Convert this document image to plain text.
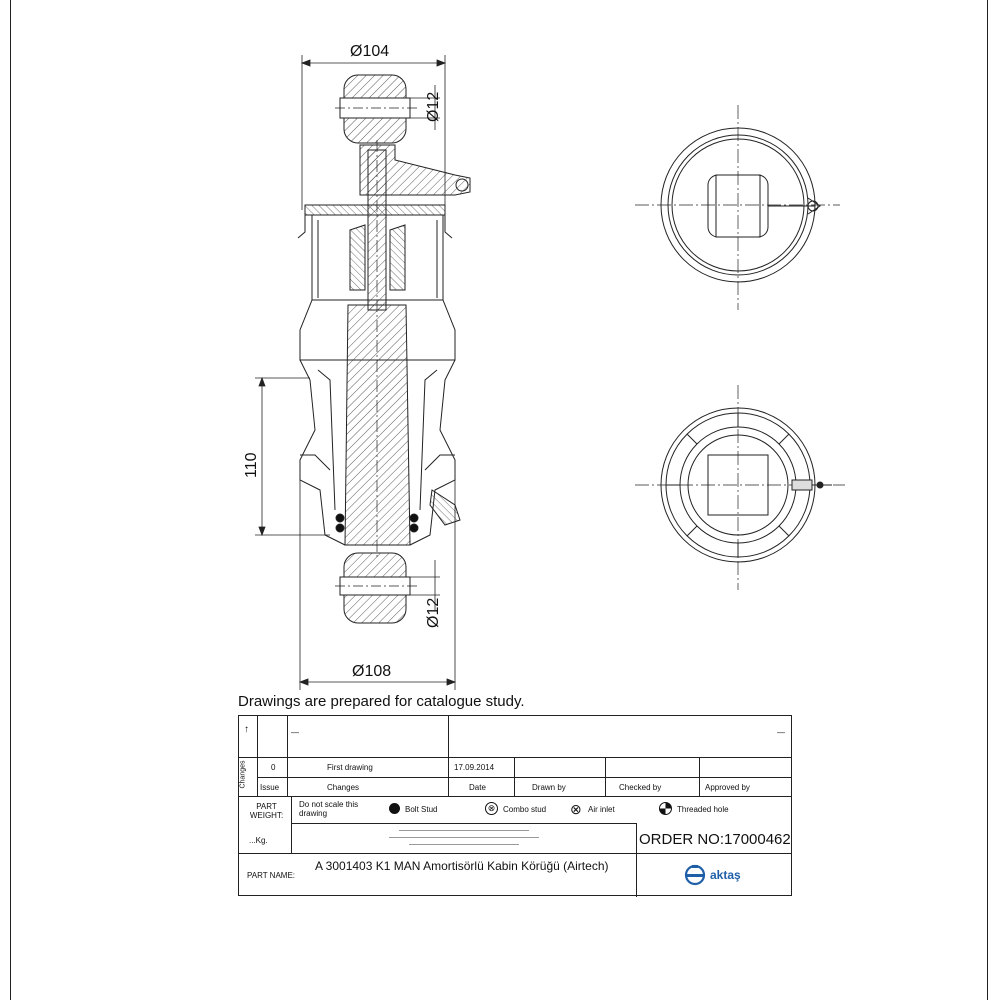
Ø104
Ø12
110
Ø12
Ø108
Drawings are prepared for catalogue study.
Changes
↑	—	—
0	First drawing	17.09.2014
Issue	Changes	Date	Drawn by	Checked by	Approved by
PART WEIGHT:
...Kg.
Do not scale this drawing	Bolt Stud	⊗ Combo stud ⊗ Air inlet	Threaded hole
ORDER NO:17000462
PART NAME:
A 3001403 K1 MAN Amortisörlü Kabin Körüğü (Airtech)
aktaş
